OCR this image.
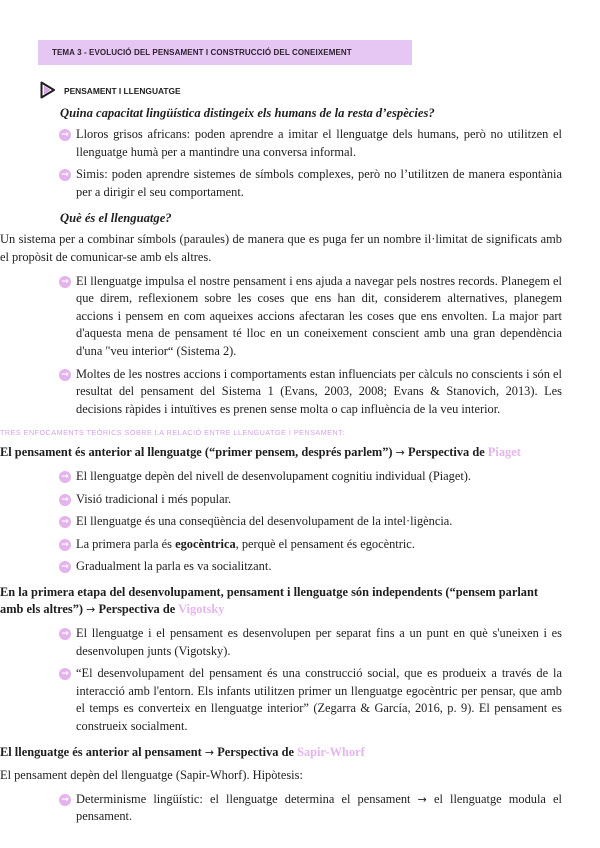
TEMA 3 - EVOLUCIÓ DEL PENSAMENT I CONSTRUCCIÓ DEL CONEIXEMENT
PENSAMENT I LLENGUATGE
Quina capacitat lingüística distingeix els humans de la resta d’espècies?
→ Lloros grisos africans: poden aprendre a imitar el llenguatge dels humans, però no utilitzen el llenguatge humà per a mantindre una conversa informal.
→ Simis: poden aprendre sistemes de símbols complexes, però no l’utilitzen de manera espontània per a dirigir el seu comportament.
Què és el llenguatge?
Un sistema per a combinar símbols (paraules) de manera que es puga fer un nombre il·limitat de significats amb el propòsit de comunicar-se amb els altres.
→ El llenguatge impulsa el nostre pensament i ens ajuda a navegar pels nostres records. Planegem el que direm, reflexionem sobre les coses que ens han dit, considerem alternatives, planegem accions i pensem en com aqueixes accions afectaran les coses que ens envolten. La major part d'aquesta mena de pensament té lloc en un coneixement conscient amb una gran dependència d'una "veu interior“ (Sistema 2).
→ Moltes de les nostres accions i comportaments estan influenciats per càlculs no conscients i són el resultat del pensament del Sistema 1 (Evans, 2003, 2008; Evans & Stanovich, 2013). Les decisions ràpides i intuïtives es prenen sense molta o cap influència de la veu interior.
TRES ENFOCAMENTS TEÒRICS SOBRE LA RELACIÓ ENTRE LLENGUATGE I PENSAMENT:
El pensament és anterior al llenguatge (“primer pensem, després parlem”) → Perspectiva de Piaget
→ El llenguatge depèn del nivell de desenvolupament cognitiu individual (Piaget).
→ Visió tradicional i més popular.
→ El llenguatge és una conseqüència del desenvolupament de la intel·ligència.
→ La primera parla és egocèntrica, perquè el pensament és egocèntric.
→ Gradualment la parla es va socialitzant.
En la primera etapa del desenvolupament, pensament i llenguatge són independents (“pensem parlant amb els altres”) → Perspectiva de Vigotsky
→ El llenguatge i el pensament es desenvolupen per separat fins a un punt en què s'uneixen i es desenvolupen junts (Vigotsky).
→ “El desenvolupament del pensament és una construcció social, que es produeix a través de la interacció amb l'entorn. Els infants utilitzen primer un llenguatge egocèntric per pensar, que amb el temps es converteix en llenguatge interior” (Zegarra & García, 2016, p. 9). El pensament es construeix socialment.
El llenguatge és anterior al pensament → Perspectiva de Sapir-Whorf
El pensament depèn del llenguatge (Sapir-Whorf). Hipòtesis:
→ Determinisme lingüístic: el llenguatge determina el pensament → el llenguatge modula el pensament.
